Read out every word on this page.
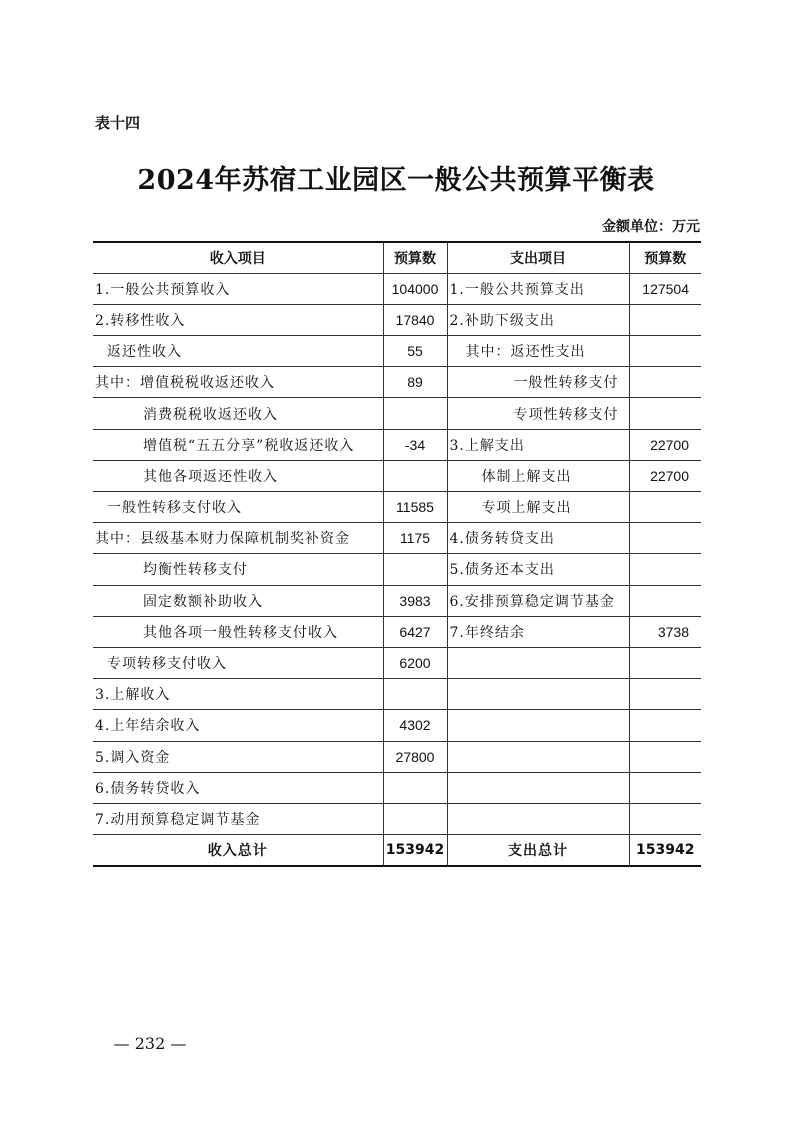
表十四
2024年苏宿工业园区一般公共预算平衡表
金额单位：万元
收入项目	预算数	支出项目	预算数
1.一般公共预算收入	104000	1.一般公共预算支出	127504
2.转移性收入	17840	2.补助下级支出	
返还性收入	55	其中：返还性支出	
其中：增值税税收返还收入	89	一般性转移支付	
消费税税收返还收入		专项性转移支付	
增值税“五五分享”税收返还收入	-34	3.上解支出	22700
其他各项返还性收入		体制上解支出	22700
一般性转移支付收入	11585	专项上解支出	
其中：县级基本财力保障机制奖补资金	1175	4.债务转贷支出	
均衡性转移支付		5.债务还本支出	
固定数额补助收入	3983	6.安排预算稳定调节基金	
其他各项一般性转移支付收入	6427	7.年终结余	3738
专项转移支付收入	6200		
3.上解收入			
4.上年结余收入	4302		
5.调入资金	27800		
6.债务转贷收入			
7.动用预算稳定调节基金			
收入总计	153942	支出总计	153942
— 232 —
